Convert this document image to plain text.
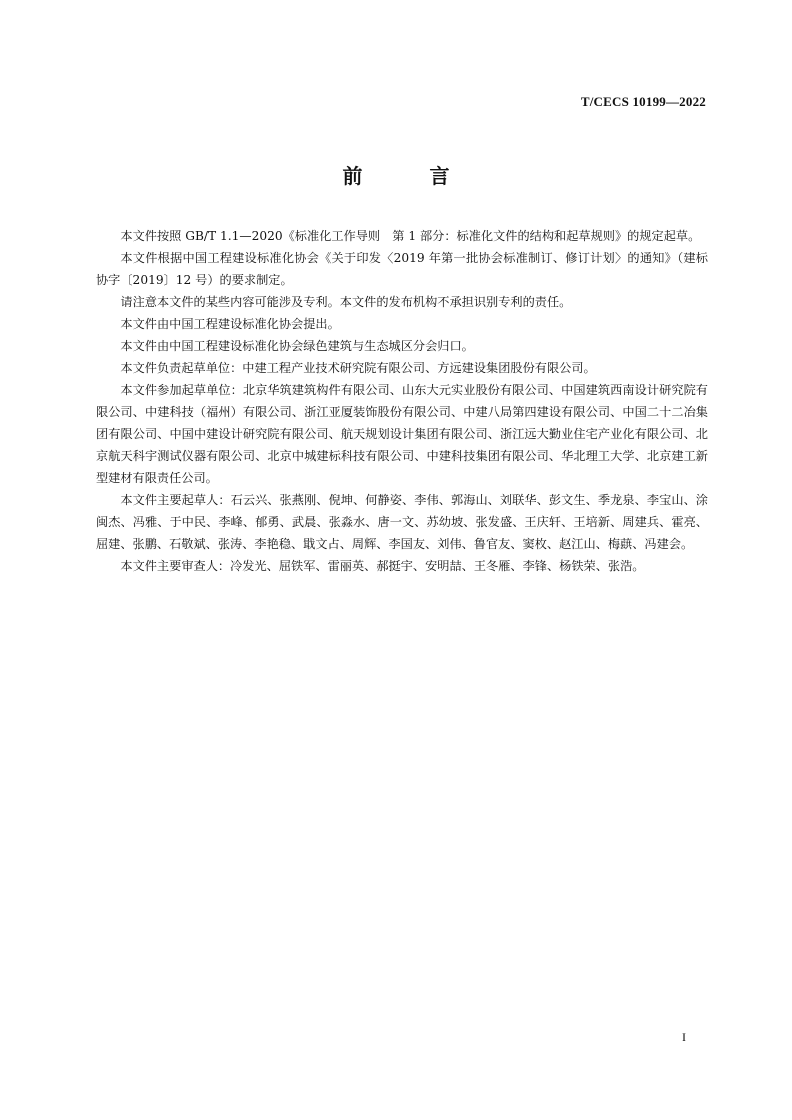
T/CECS 10199—2022
前 言

本文件按照 GB/T 1.1—2020《标准化工作导则　第 1 部分：标准化文件的结构和起草规则》的规定起草。

本文件根据中国工程建设标准化协会《关于印发〈2019 年第一批协会标准制订、修订计划〉的通知》（建标协字〔2019〕12 号）的要求制定。

请注意本文件的某些内容可能涉及专利。本文件的发布机构不承担识别专利的责任。

本文件由中国工程建设标准化协会提出。

本文件由中国工程建设标准化协会绿色建筑与生态城区分会归口。

本文件负责起草单位：中建工程产业技术研究院有限公司、方远建设集团股份有限公司。

本文件参加起草单位：北京华筑建筑构件有限公司、山东大元实业股份有限公司、中国建筑西南设计研究院有限公司、中建科技（福州）有限公司、浙江亚厦装饰股份有限公司、中建八局第四建设有限公司、中国二十二冶集团有限公司、中国中建设计研究院有限公司、航天规划设计集团有限公司、浙江远大勤业住宅产业化有限公司、北京航天科宇测试仪器有限公司、北京中城建标科技有限公司、中建科技集团有限公司、华北理工大学、北京建工新型建材有限责任公司。

本文件主要起草人：石云兴、张燕刚、倪坤、何静姿、李伟、郭海山、刘联华、彭文生、季龙泉、李宝山、涂闽杰、冯雅、于中民、李峰、郁勇、武晨、张淼水、唐一文、苏幼坡、张发盛、王庆轩、王培新、周建兵、霍亮、屈建、张鹏、石敬斌、张涛、李艳稳、戢文占、周辉、李国友、刘伟、鲁官友、窦枚、赵江山、梅蕻、冯建会。

本文件主要审查人：冷发光、屈铁军、雷丽英、郝挺宇、安明喆、王冬雁、李锋、杨铁荣、张浩。

I
